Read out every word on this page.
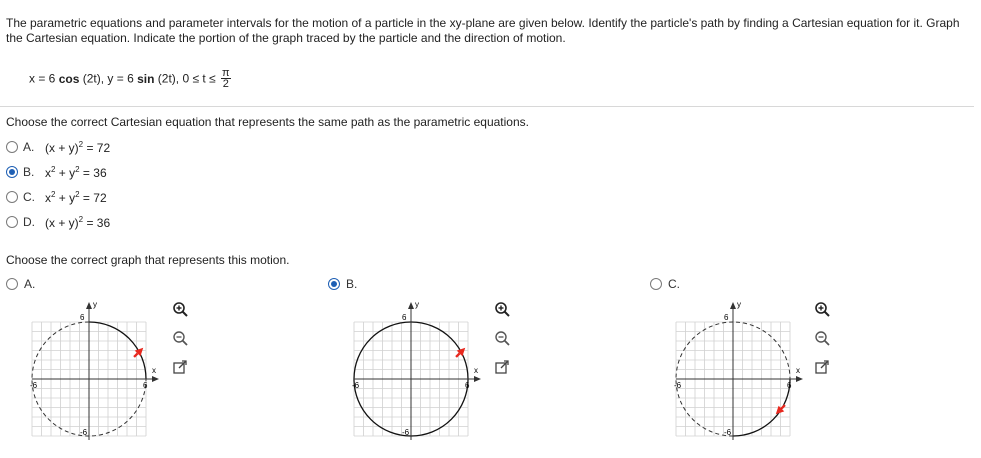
The parametric equations and parameter intervals for the motion of a particle in the xy-plane are given below. Identify the particle's path by finding a Cartesian equation for it. Graph the Cartesian equation. Indicate the portion of the graph traced by the particle and the direction of motion.
x = 6 cos (2t), y = 6 sin (2t), $0 \le t \le \frac{\pi}{2}$
Choose the correct Cartesian equation that represents the same path as the parametric equations.
A. $(x + y)^2 = 72$
B. $x^2 + y^2 = 36$
C. $x^2 + y^2 = 72$
D. $(x + y)^2 = 36$
Choose the correct graph that represents this motion.
A.	B.	C.
y
x
6
-6	6
-6
y
x
6
-6	6
-6
y
x
6
-6	6
-6
